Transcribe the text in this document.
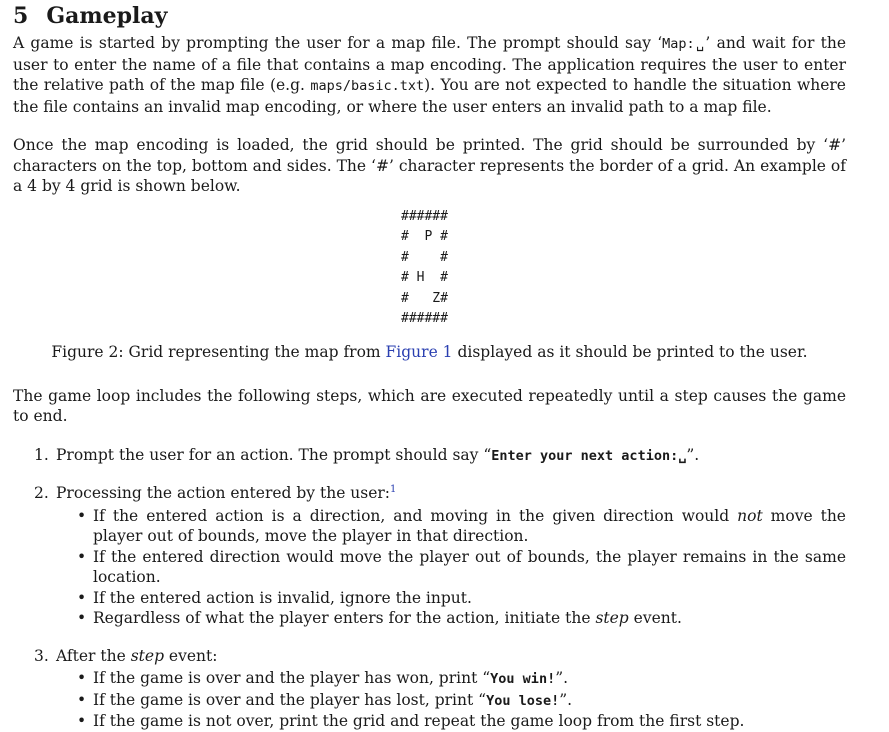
5 Gameplay

A game is started by prompting the user for a map file. The prompt should say ‘Map:␣’ and wait for the user to enter the name of a file that contains a map encoding. The application requires the user to enter the relative path of the map file (e.g. maps/basic.txt). You are not expected to handle the situation where the file contains an invalid map encoding, or where the user enters an invalid path to a map file.

Once the map encoding is loaded, the grid should be printed. The grid should be surrounded by ‘#’ characters on the top, bottom and sides. The ‘#’ character represents the border of a grid. An example of a 4 by 4 grid is shown below.

######
#  P #
#    #
# H  #
#   Z#
######
Figure 2: Grid representing the map from Figure 1 displayed as it should be printed to the user.

The game loop includes the following steps, which are executed repeatedly until a step causes the game to end.

1. Prompt the user for an action. The prompt should say “Enter your next action:␣”.
2. Processing the action entered by the user:$^1$
• If the entered action is a direction, and moving in the given direction would not move the player out of bounds, move the player in that direction.
• If the entered direction would move the player out of bounds, the player remains in the same location.
• If the entered action is invalid, ignore the input.
• Regardless of what the player enters for the action, initiate the step event.
3. After the step event:
• If the game is over and the player has won, print “You win!”.
• If the game is over and the player has lost, print “You lose!”.
• If the game is not over, print the grid and repeat the game loop from the first step.
